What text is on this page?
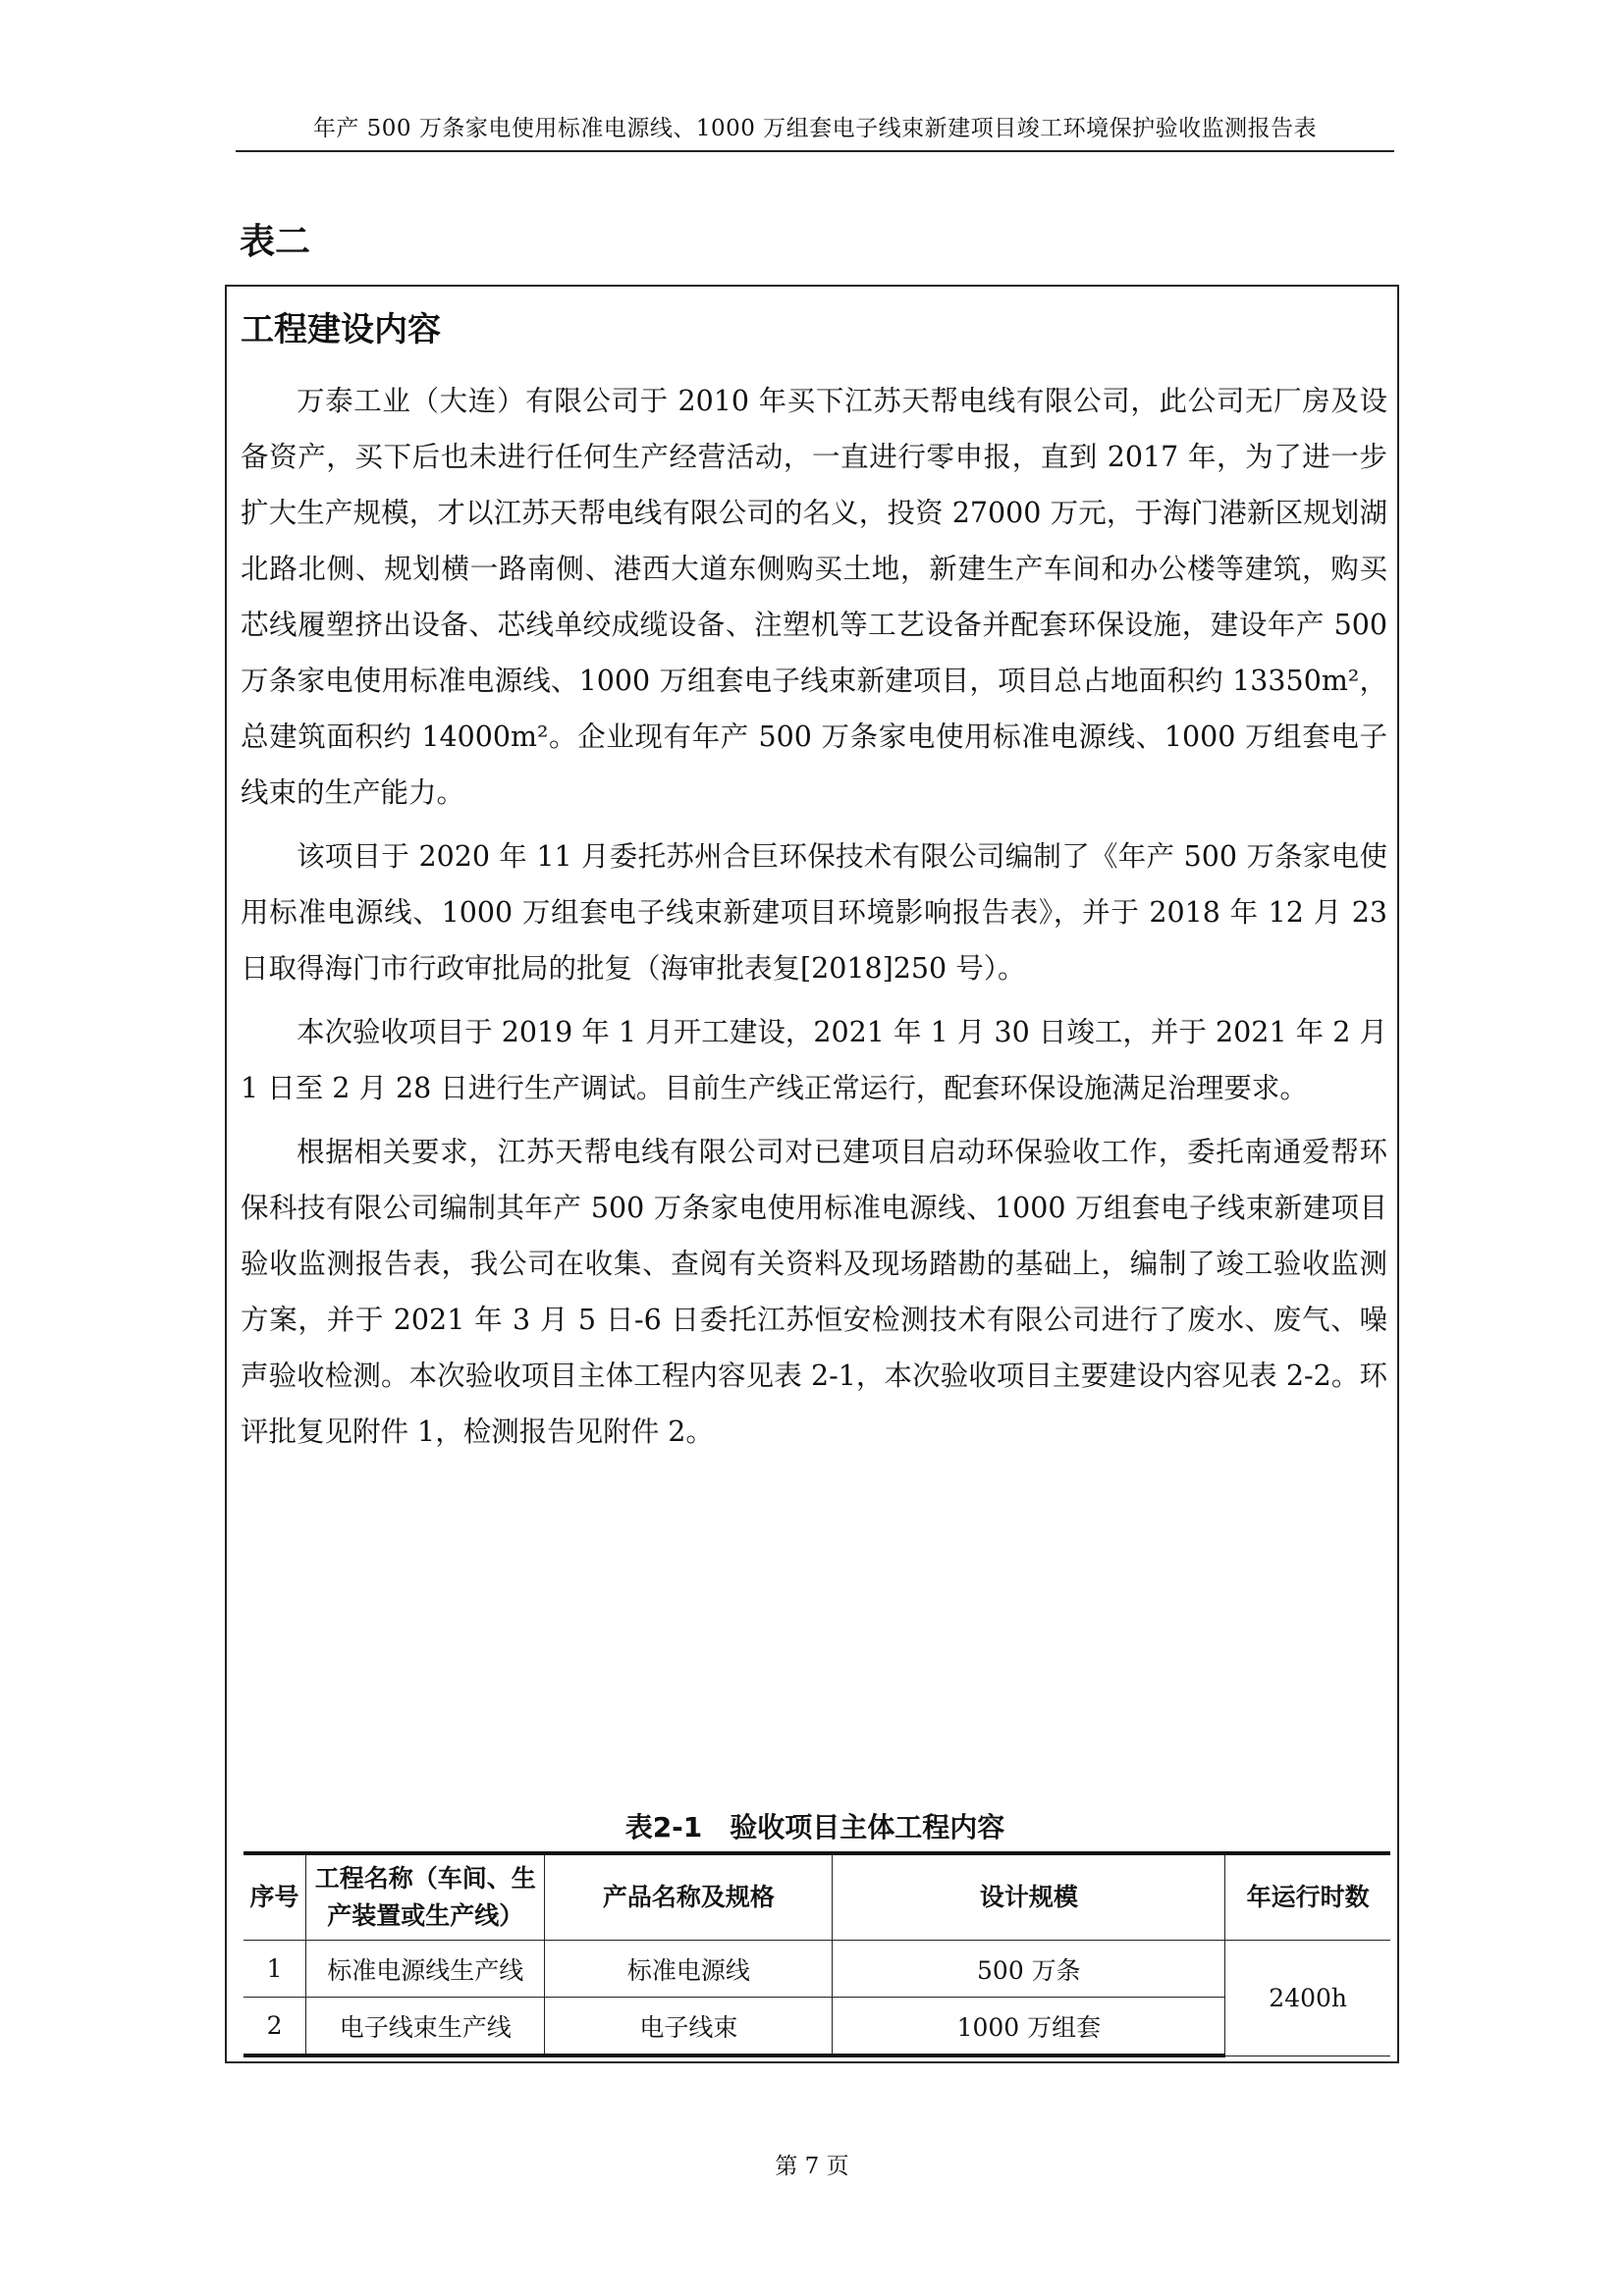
年产 500 万条家电使用标准电源线、1000 万组套电子线束新建项目竣工环境保护验收监测报告表
表二
工程建设内容

万泰工业（大连）有限公司于 2010 年买下江苏天帮电线有限公司，此公司无厂房及设备资产，买下后也未进行任何生产经营活动，一直进行零申报，直到 2017 年，为了进一步扩大生产规模，才以江苏天帮电线有限公司的名义，投资 27000 万元，于海门港新区规划湖北路北侧、规划横一路南侧、港西大道东侧购买土地，新建生产车间和办公楼等建筑，购买芯线履塑挤出设备、芯线单绞成缆设备、注塑机等工艺设备并配套环保设施，建设年产 500 万条家电使用标准电源线、1000 万组套电子线束新建项目，项目总占地面积约 13350m²，总建筑面积约 14000m²。企业现有年产 500 万条家电使用标准电源线、1000 万组套电子线束的生产能力。

该项目于 2020 年 11 月委托苏州合巨环保技术有限公司编制了《年产 500 万条家电使用标准电源线、1000 万组套电子线束新建项目环境影响报告表》，并于 2018 年 12 月 23 日取得海门市行政审批局的批复（海审批表复[2018]250 号）。

本次验收项目于 2019 年 1 月开工建设，2021 年 1 月 30 日竣工，并于 2021 年 2 月 1 日至 2 月 28 日进行生产调试。目前生产线正常运行，配套环保设施满足治理要求。

根据相关要求，江苏天帮电线有限公司对已建项目启动环保验收工作，委托南通爱帮环保科技有限公司编制其年产 500 万条家电使用标准电源线、1000 万组套电子线束新建项目验收监测报告表，我公司在收集、查阅有关资料及现场踏勘的基础上，编制了竣工验收监测方案，并于 2021 年 3 月 5 日-6 日委托江苏恒安检测技术有限公司进行了废水、废气、噪声验收检测。本次验收项目主体工程内容见表 2-1，本次验收项目主要建设内容见表 2-2。环评批复见附件 1，检测报告见附件 2。

表2-1　验收项目主体工程内容
序号	工程名称（车间、生产装置或生产线）	产品名称及规格	设计规模	年运行时数
1	标准电源线生产线	标准电源线	500 万条	2400h
2	电子线束生产线	电子线束	1000 万组套	
第 7 页
